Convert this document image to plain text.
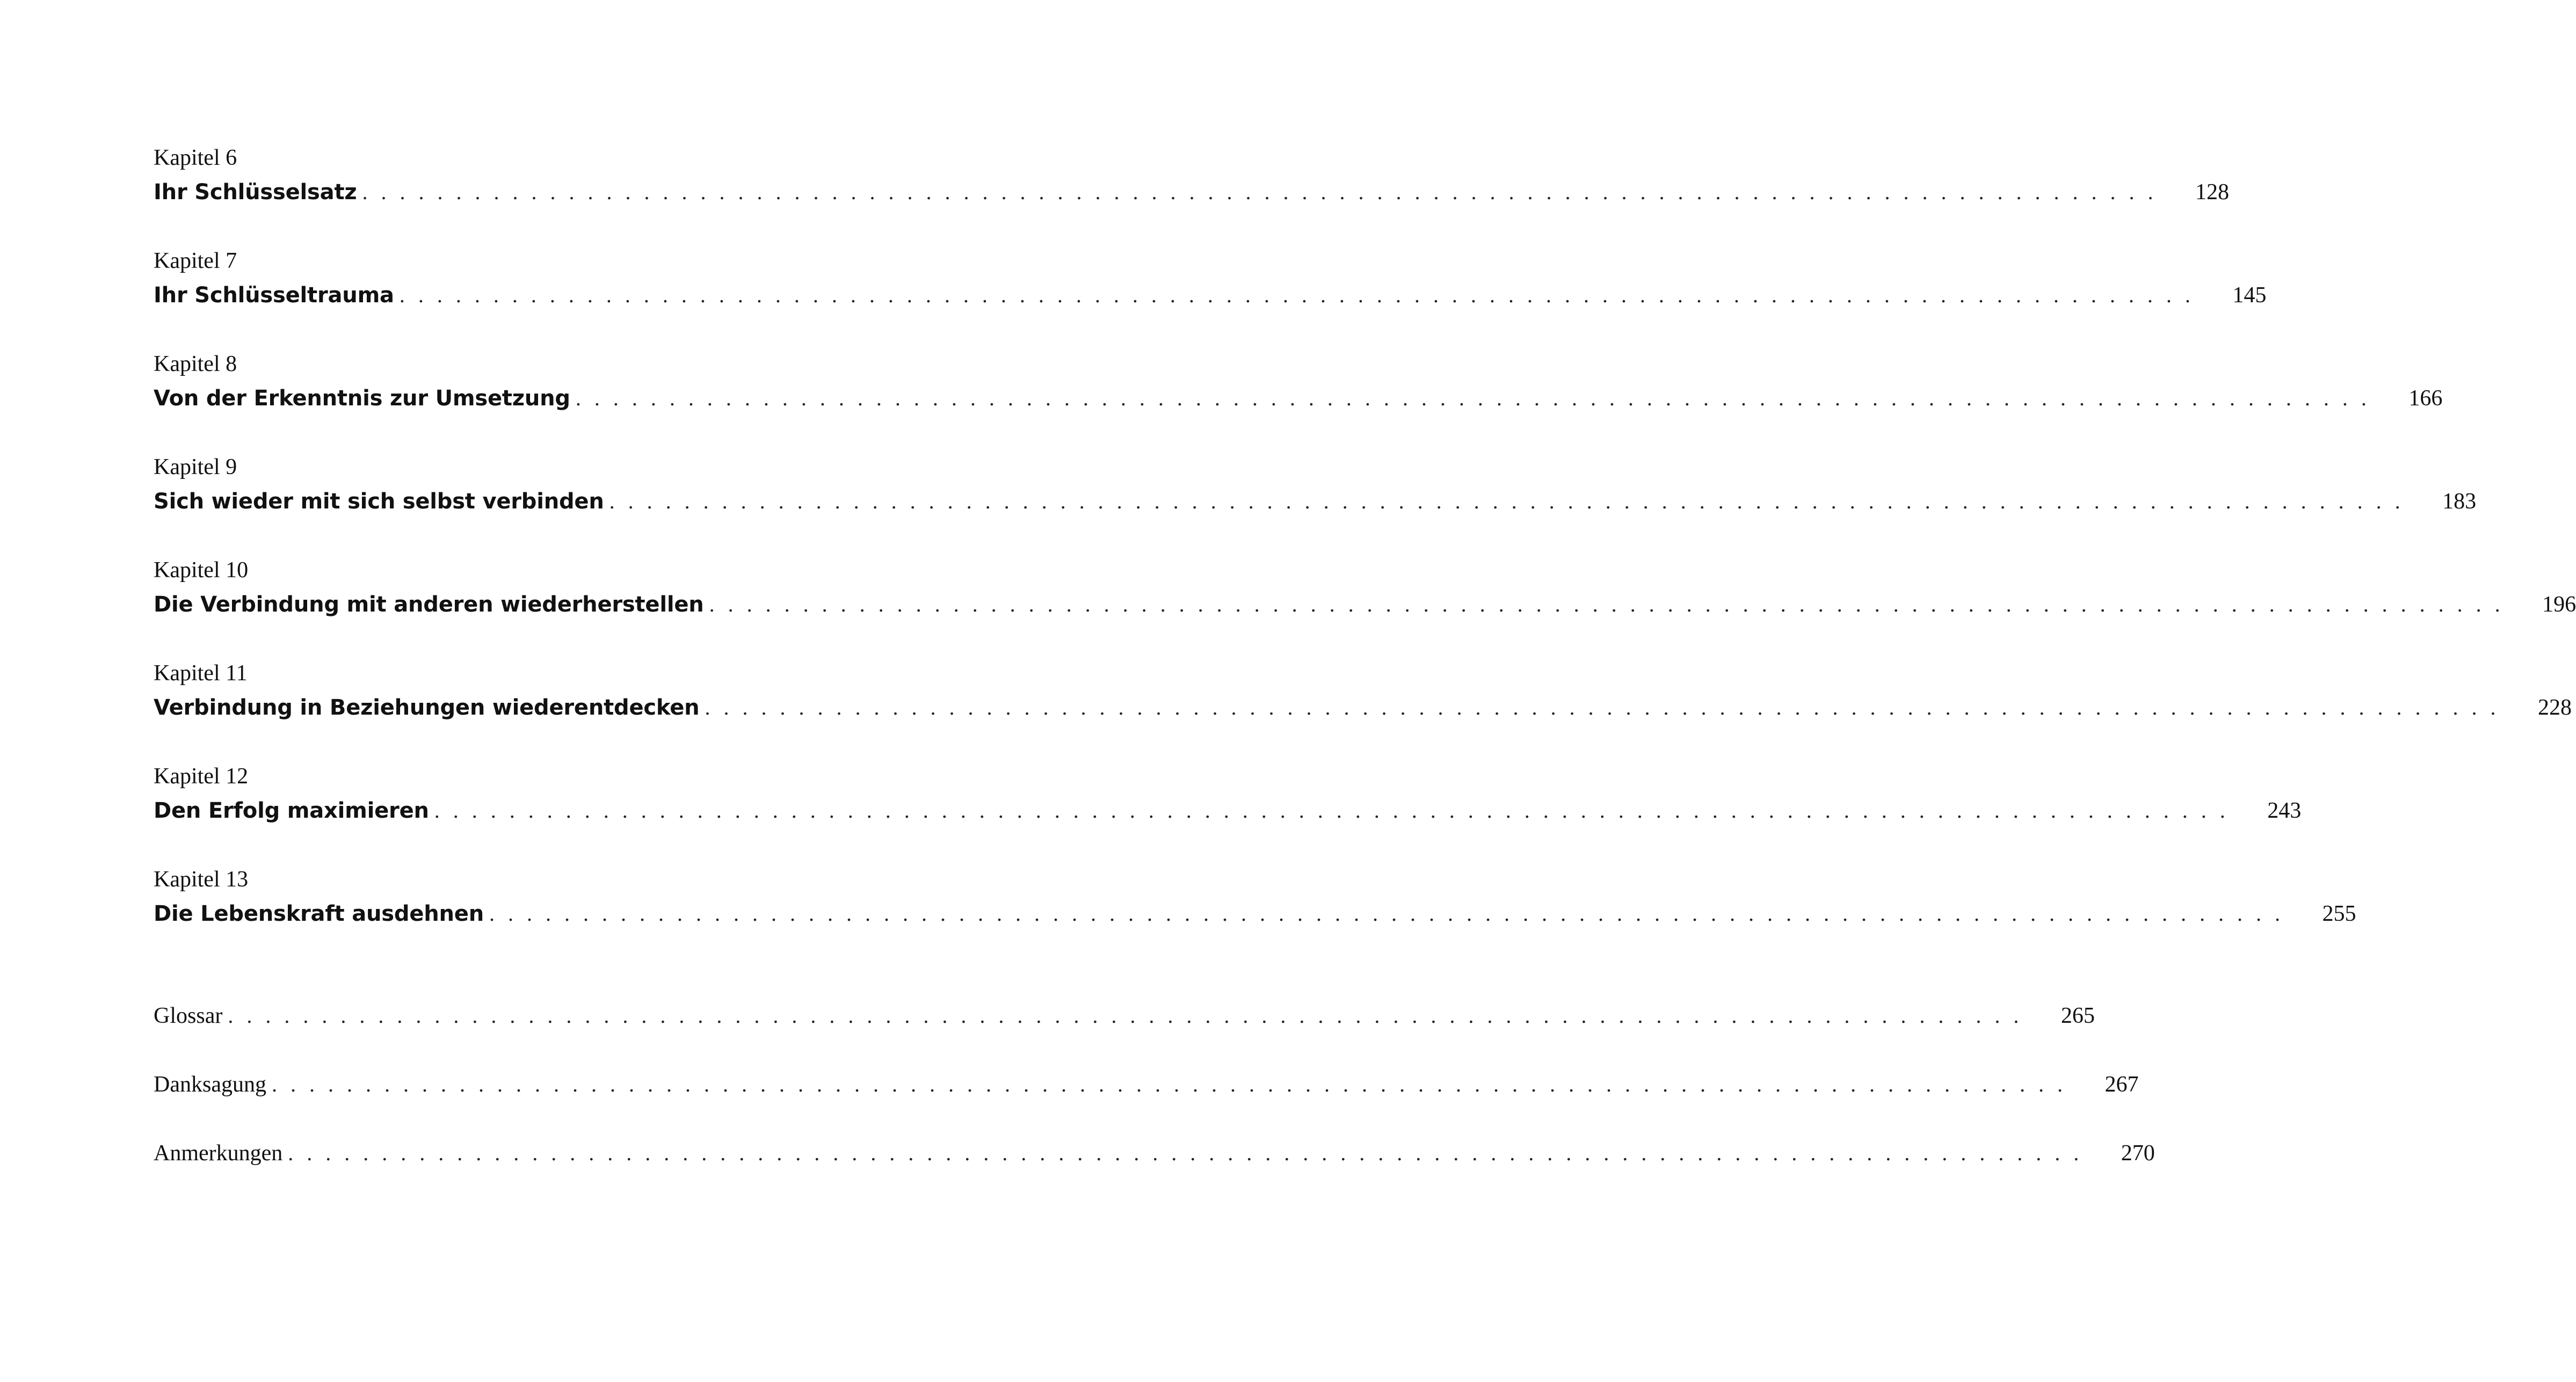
Kapitel 6
Ihr Schlüsselsatz . . . . . . . . . . . . . . . . . . . . . . . . . . . . . . . . . . . . . . . . . . . . . . . . . . . . . . . . . . . . . . . . . . . . . . . . . . . . . . . . . . . . . . . . . . . . . . . .	128
Kapitel 7
Ihr Schlüsseltrauma . . . . . . . . . . . . . . . . . . . . . . . . . . . . . . . . . . . . . . . . . . . . . . . . . . . . . . . . . . . . . . . . . . . . . . . . . . . . . . . . . . . . . . . . . . . . . . . .	145
Kapitel 8
Von der Erkenntnis zur Umsetzung . . . . . . . . . . . . . . . . . . . . . . . . . . . . . . . . . . . . . . . . . . . . . . . . . . . . . . . . . . . . . . . . . . . . . . . . . . . . . . . . . . . . . . . . . . . . . . . .	166
Kapitel 9
Sich wieder mit sich selbst verbinden . . . . . . . . . . . . . . . . . . . . . . . . . . . . . . . . . . . . . . . . . . . . . . . . . . . . . . . . . . . . . . . . . . . . . . . . . . . . . . . . . . . . . . . . . . . . . . . .	183
Kapitel 10
Die Verbindung mit anderen wiederherstellen . . . . . . . . . . . . . . . . . . . . . . . . . . . . . . . . . . . . . . . . . . . . . . . . . . . . . . . . . . . . . . . . . . . . . . . . . . . . . . . . . . . . . . . . . . . . . . . .	196
Kapitel 11
Verbindung in Beziehungen wiederentdecken . . . . . . . . . . . . . . . . . . . . . . . . . . . . . . . . . . . . . . . . . . . . . . . . . . . . . . . . . . . . . . . . . . . . . . . . . . . . . . . . . . . . . . . . . . . . . . . .	228
Kapitel 12
Den Erfolg maximieren . . . . . . . . . . . . . . . . . . . . . . . . . . . . . . . . . . . . . . . . . . . . . . . . . . . . . . . . . . . . . . . . . . . . . . . . . . . . . . . . . . . . . . . . . . . . . . . .	243
Kapitel 13
Die Lebenskraft ausdehnen . . . . . . . . . . . . . . . . . . . . . . . . . . . . . . . . . . . . . . . . . . . . . . . . . . . . . . . . . . . . . . . . . . . . . . . . . . . . . . . . . . . . . . . . . . . . . . . .	255
Glossar . . . . . . . . . . . . . . . . . . . . . . . . . . . . . . . . . . . . . . . . . . . . . . . . . . . . . . . . . . . . . . . . . . . . . . . . . . . . . . . . . . . . . . . . . . . . . . . .	265
Danksagung . . . . . . . . . . . . . . . . . . . . . . . . . . . . . . . . . . . . . . . . . . . . . . . . . . . . . . . . . . . . . . . . . . . . . . . . . . . . . . . . . . . . . . . . . . . . . . . .	267
Anmerkungen . . . . . . . . . . . . . . . . . . . . . . . . . . . . . . . . . . . . . . . . . . . . . . . . . . . . . . . . . . . . . . . . . . . . . . . . . . . . . . . . . . . . . . . . . . . . . . . .	270
